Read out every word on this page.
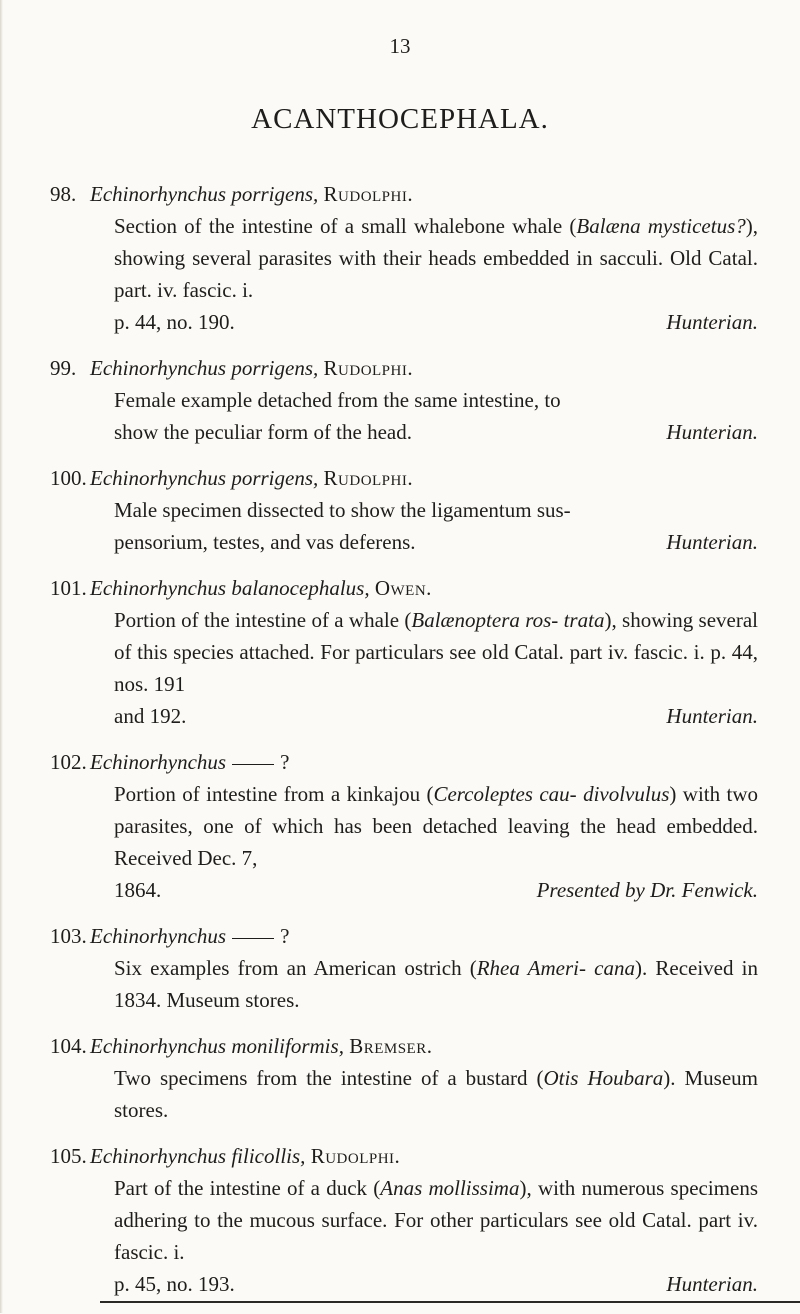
13
ACANTHOCEPHALA.
98. Echinorhynchus porrigens, Rudolphi.
Section of the intestine of a small whalebone whale (Balæna mysticetus?), showing several parasites with their heads embedded in sacculi. Old Catal. part. iv. fascic. i.
p. 44, no. 190.	Hunterian.
99. Echinorhynchus porrigens, Rudolphi.
Female example detached from the same intestine, to
show the peculiar form of the head.	Hunterian.
100. Echinorhynchus porrigens, Rudolphi.
Male specimen dissected to show the ligamentum sus-
pensorium, testes, and vas deferens.	Hunterian.
101. Echinorhynchus balanocephalus, Owen.
Portion of the intestine of a whale (Balænoptera ros- trata), showing several of this species attached. For particulars see old Catal. part iv. fascic. i. p. 44, nos. 191
and 192.	Hunterian.
102. Echinorhynchus	?
Portion of intestine from a kinkajou (Cercoleptes cau- divolvulus) with two parasites, one of which has been detached leaving the head embedded. Received Dec. 7,
1864.	Presented by Dr. Fenwick.
103. Echinorhynchus	?
Six examples from an American ostrich (Rhea Ameri- cana). Received in 1834. Museum stores.
104. Echinorhynchus moniliformis, Bremser.
Two specimens from the intestine of a bustard (Otis Houbara). Museum stores.
105. Echinorhynchus filicollis, Rudolphi.
Part of the intestine of a duck (Anas mollissima), with numerous specimens adhering to the mucous surface. For other particulars see old Catal. part iv. fascic. i.
p. 45, no. 193.	Hunterian.
